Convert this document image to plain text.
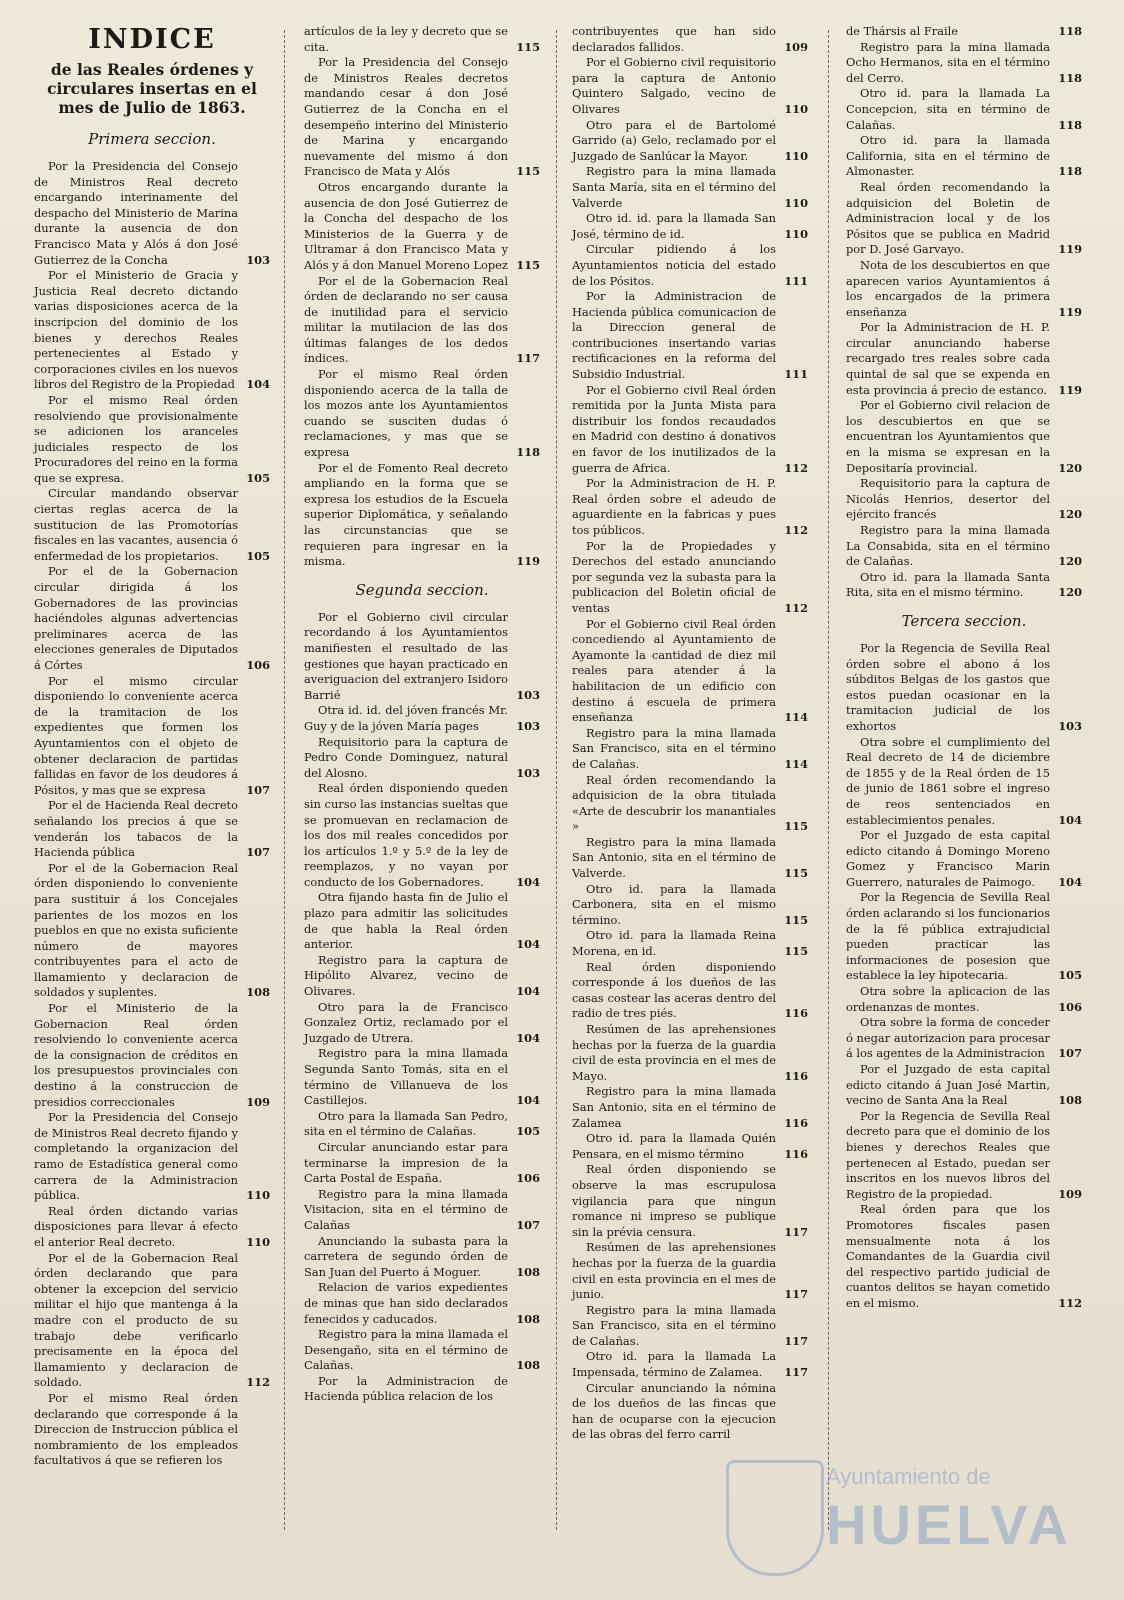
INDICE
de las Reales órdenes y circulares insertas en el mes de Julio de 1863.
Primera seccion.

Por la Presidencia del Consejo de Ministros Real decreto encargando interinamente del despacho del Ministerio de Marina durante la ausencia de don Francisco Mata y Alós á don José Gutierrez de la Concha	103

Por el Ministerio de Gracia y Justicia Real decreto dictando varias disposiciones acerca de la inscripcion del dominio de los bienes y derechos Reales pertenecientes al Estado y corporaciones civiles en los nuevos libros del Registro de la Propiedad 104

Por el mismo Real órden resolviendo que provisionalmente se adicionen los aranceles judiciales respecto de los Procuradores del reino en la forma que se expresa.	105

Circular mandando observar ciertas reglas acerca de la sustitucion de las Promotorías fiscales en las vacantes, ausencia ó enfermedad de los propietarios. 105

Por el de la Gobernacion circular dirigida á los Gobernadores de las provincias haciéndoles algunas advertencias preliminares acerca de las elecciones generales de Diputados á Córtes	106

Por el mismo circular disponiendo lo conveniente acerca de la tramitacion de los expedientes que formen los Ayuntamientos con el objeto de obtener declaracion de partidas fallidas en favor de los deudores á Pósitos, y mas que se expresa	107

Por el de Hacienda Real decreto señalando los precios á que se venderán los tabacos de la Hacienda pública	107

Por el de la Gobernacion Real órden disponiendo lo conveniente para sustituir á los Concejales parientes de los mozos en los pueblos en que no exista suficiente número de mayores contribuyentes para el acto de llamamiento y declaracion de soldados y suplentes.	108

Por el Ministerio de la Gobernacion Real órden resolviendo lo conveniente acerca de la consignacion de créditos en los presupuestos provinciales con destino á la construccion de presidios correccionales	109

Por la Presidencia del Consejo de Ministros Real decreto fijando y completando la organizacion del ramo de Estadística general como carrera de la Administracion pública.	110

Real órden dictando varias disposiciones para llevar á efecto el anterior Real decreto.	110

Por el de la Gobernacion Real órden declarando que para obtener la excepcion del servicio militar el hijo que mantenga á la madre con el producto de su trabajo debe verificarlo precisamente en la época del llamamiento y declaracion de soldado.	112

Por el mismo Real órden declarando que corresponde á la Direccion de Instruccion pública el nombramiento de los empleados facultativos á que se refieren los

artículos de la ley y decreto que se cita.	115

Por la Presidencia del Consejo de Ministros Reales decretos mandando cesar á don José Gutierrez de la Concha en el desempeño interino del Ministerio de Marina y encargando nuevamente del mismo á don Francisco de Mata y Alós	115

Otros encargando durante la ausencia de don José Gutierrez de la Concha del despacho de los Ministerios de la Guerra y de Ultramar á don Francisco Mata y Alós y á don Manuel Moreno Lopez 115

Por el de la Gobernacion Real órden de declarando no ser causa de inutilidad para el servicio militar la mutilacion de las dos últimas falanges de los dedos índices.	117

Por el mismo Real órden disponiendo acerca de la talla de los mozos ante los Ayuntamientos cuando se susciten dudas ó reclamaciones, y mas que se expresa	118

Por el de Fomento Real decreto ampliando en la forma que se expresa los estudios de la Escuela superior Diplomática, y señalando las circunstancias que se requieren para ingresar en la misma.	119

Segunda seccion.

Por el Gobierno civil circular recordando á los Ayuntamientos manifiesten el resultado de las gestiones que hayan practicado en averiguacion del extranjero Isidoro Barrié	103

Otra id. id. del jóven francés Mr. Guy y de la jóven María pages	103

Requisitorio para la captura de Pedro Conde Dominguez, natural del Alosno.	103

Real órden disponiendo queden sin curso las instancias sueltas que se promuevan en reclamacion de los dos mil reales concedidos por los artículos 1.º y 5.º de la ley de reemplazos, y no vayan por conducto de los Gobernadores.	104

Otra fijando hasta fin de Julio el plazo para admitir las solicitudes de que habla la Real órden anterior.	104

Registro para la captura de Hipólito Alvarez, vecino de Olivares.	104

Otro para la de Francisco Gonzalez Ortiz, reclamado por el Juzgado de Utrera.	104

Registro para la mina llamada Segunda Santo Tomás, sita en el término de Villanueva de los Castillejos.	104

Otro para la llamada San Pedro, sita en el término de Calañas.	105

Circular anunciando estar para terminarse la impresion de la Carta Postal de España.	106

Registro para la mina llamada Visitacion, sita en el término de Calañas	107

Anunciando la subasta para la carretera de segundo órden de San Juan del Puerto á Moguer.	108

Relacion de varios expedientes de minas que han sido declarados fenecidos y caducados.	108

Registro para la mina llamada el Desengaño, sita en el término de Calañas.	108

Por la Administracion de Hacienda pública relacion de los

contribuyentes que han sido declarados fallidos.	109

Por el Gobierno civil requisitorio para la captura de Antonio Quintero Salgado, vecino de Olivares	110

Otro para el de Bartolomé Garrido (a) Gelo, reclamado por el Juzgado de Sanlúcar la Mayor.	110

Registro para la mina llamada Santa María, sita en el término del Valverde	110

Otro id. id. para la llamada San José, término de id.	110

Circular pidiendo á los Ayuntamientos noticia del estado de los Pósitos.	111

Por la Administracion de Hacienda pública comunicacion de la Direccion general de contribuciones insertando varias rectificaciones en la reforma del Subsidio Industrial.	111

Por el Gobierno civil Real órden remitida por la Junta Mista para distribuir los fondos recaudados en Madrid con destino á donativos en favor de los inutilizados de la guerra de Africa.	112

Por la Administracion de H. P. Real órden sobre el adeudo de aguardiente en la fabricas y pues tos públicos.	112

Por la de Propiedades y Derechos del estado anunciando por segunda vez la subasta para la publicacion del Boletin oficial de ventas	112

Por el Gobierno civil Real órden concediendo al Ayuntamiento de Ayamonte la cantidad de diez mil reales para atender á la habilitacion de un edificio con destino á escuela de primera enseñanza	114

Registro para la mina llamada San Francisco, sita en el término de Calañas.	114

Real órden recomendando la adquisicion de la obra titulada «Arte de descubrir los manantiales »	115

Registro para la mina llamada San Antonio, sita en el término de Valverde.	115

Otro id. para la llamada Carbonera, sita en el mismo término.	115

Otro id. para la llamada Reina Morena, en id.	115

Real órden disponiendo corresponde á los dueños de las casas costear las aceras dentro del radio de tres piés.	116

Resúmen de las aprehensiones hechas por la fuerza de la guardia civil de esta provincia en el mes de Mayo.	116

Registro para la mina llamada San Antonio, sita en el término de Zalamea	116

Otro id. para la llamada Quién Pensara, en el mismo término	116

Real órden disponiendo se observe la mas escrupulosa vigilancia para que ningun romance ni impreso se publique sin la prévia censura.	117

Resúmen de las aprehensiones hechas por la fuerza de la guardia civil en esta provincia en el mes de junio.	117

Registro para la mina llamada San Francisco, sita en el término de Calañas.	117

Otro id. para la llamada La Impensada, término de Zalamea. 117

Circular anunciando la nómina de los dueños de las fincas que han de ocuparse con la ejecucion de las obras del ferro carril

de Thársis al Fraile	118

Registro para la mina llamada Ocho Hermanos, sita en el término del Cerro.	118

Otro id. para la llamada La Concepcion, sita en término de Calañas.	118

Otro id. para la llamada California, sita en el término de Almonaster.	118

Real órden recomendando la adquisicion del Boletin de Administracion local y de los Pósitos que se publica en Madrid por D. José Garvayo.	119

Nota de los descubiertos en que aparecen varios Ayuntamientos á los encargados de la primera enseñanza	119

Por la Administracion de H. P. circular anunciando haberse recargado tres reales sobre cada quintal de sal que se expenda en esta provincia á precio de estanco. 119

Por el Gobierno civil relacion de los descubiertos en que se encuentran los Ayuntamientos que en la misma se expresan en la Depositaría provincial.	120

Requisitorio para la captura de Nicolás Henrios, desertor del ejército francés	120

Registro para la mina llamada La Consabida, sita en el término de Calañas.	120

Otro id. para la llamada Santa Rita, sita en el mismo término.	120

Tercera seccion.

Por la Regencia de Sevilla Real órden sobre el abono á los súbditos Belgas de los gastos que estos puedan ocasionar en la tramitacion judicial de los exhortos	103

Otra sobre el cumplimiento del Real decreto de 14 de diciembre de 1855 y de la Real órden de 15 de junio de 1861 sobre el ingreso de reos sentenciados en establecimientos penales.	104

Por el Juzgado de esta capital edicto citando á Domingo Moreno Gomez y Francisco Marin Guerrero, naturales de Paimogo. 104

Por la Regencia de Sevilla Real órden aclarando si los funcionarios de la fé pública extrajudicial pueden practicar las informaciones de posesion que establece la ley hipotecaria.	105

Otra sobre la aplicacion de las ordenanzas de montes.	106

Otra sobre la forma de conceder ó negar autorizacion para procesar á los agentes de la Administracion 107

Por el Juzgado de esta capital edicto citando á Juan José Martin, vecino de Santa Ana la Real	108

Por la Regencia de Sevilla Real decreto para que el dominio de los bienes y derechos Reales que pertenecen al Estado, puedan ser inscritos en los nuevos libros del Registro de la propiedad.	109

Real órden para que los Promotores fiscales pasen mensualmente nota á los Comandantes de la Guardia civil del respectivo partido judicial de cuantos delitos se hayan cometido en el mismo.	112

Ayuntamiento de
HUELVA
